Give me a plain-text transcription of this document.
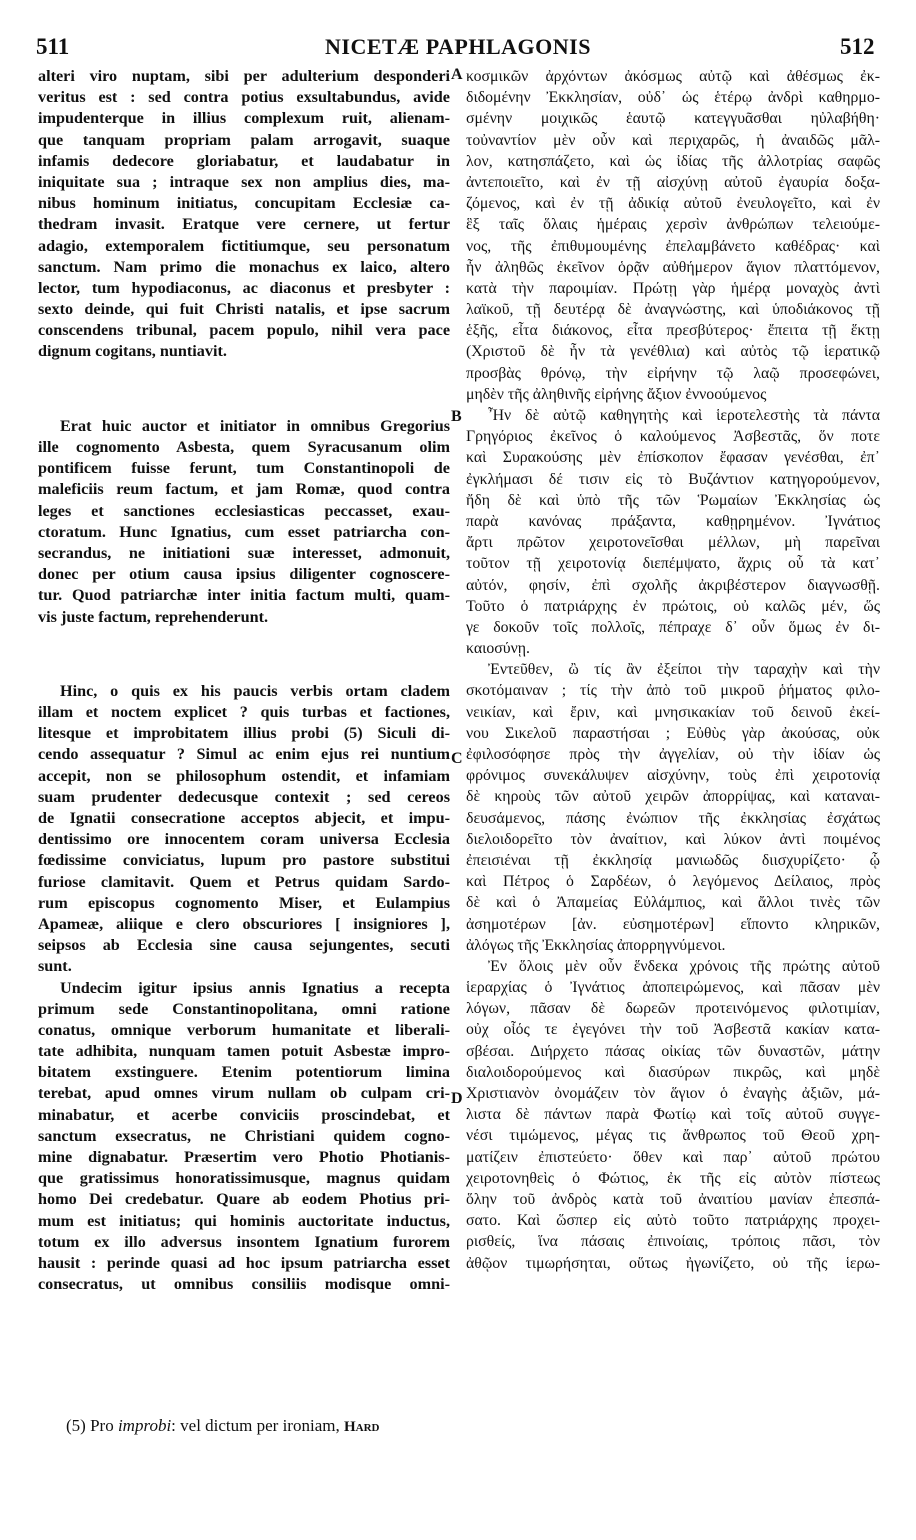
511	NICETÆ PAPHLAGONIS	512
A
B
C
D
alteri viro nuptam, sibi per adulterium desponderi
veritus est : sed contra potius exsultabundus, avide
impudenterque in illius complexum ruit, alienam-
que tanquam propriam palam arrogavit, suaque
infamis dedecore gloriabatur, et laudabatur in
iniquitate sua ; intraque sex non amplius dies, ma-
nibus hominum initiatus, concupitam Ecclesiæ ca-
thedram invasit. Eratque vere cernere, ut fertur
adagio, extemporalem fictitiumque, seu personatum
sanctum. Nam primo die monachus ex laico, altero
lector, tum hypodiaconus, ac diaconus et presbyter :
sexto deinde, qui fuit Christi natalis, et ipse sacrum
conscendens tribunal, pacem populo, nihil vera pace
dignum cogitans, nuntiavit.
Erat huic auctor et initiator in omnibus Gregorius
ille cognomento Asbesta, quem Syracusanum olim
pontificem fuisse ferunt, tum Constantinopoli de
maleficiis reum factum, et jam Romæ, quod contra
leges et sanctiones ecclesiasticas peccasset, exau-
ctoratum. Hunc Ignatius, cum esset patriarcha con-
secrandus, ne initiationi suæ interesset, admonuit,
donec per otium causa ipsius diligenter cognoscere-
tur. Quod patriarchæ inter initia factum multi, quam-
vis juste factum, reprehenderunt.
Hinc, o quis ex his paucis verbis ortam cladem
illam et noctem explicet ? quis turbas et factiones,
litesque et improbitatem illius probi (5) Siculi di-
cendo assequatur ? Simul ac enim ejus rei nuntium
accepit, non se philosophum ostendit, et infamiam
suam prudenter dedecusque contexit ; sed cereos
de Ignatii consecratione acceptos abjecit, et impu-
dentissimo ore innocentem coram universa Ecclesia
fœdissime conviciatus, lupum pro pastore substitui
furiose clamitavit. Quem et Petrus quidam Sardo-
rum episcopus cognomento Miser, et Eulampius
Apameæ, aliique e clero obscuriores [ insigniores ],
seipsos ab Ecclesia sine causa sejungentes, secuti
sunt.
Undecim igitur ipsius annis Ignatius a recepta
primum sede Constantinopolitana, omni ratione
conatus, omnique verborum humanitate et liberali-
tate adhibita, nunquam tamen potuit Asbestæ impro-
bitatem exstinguere. Etenim potentiorum limina
terebat, apud omnes virum nullam ob culpam cri-
minabatur, et acerbe conviciis proscindebat, et
sanctum exsecratus, ne Christiani quidem cogno-
mine dignabatur. Præsertim vero Photio Photianis-
que gratissimus honoratissimusque, magnus quidam
homo Dei credebatur. Quare ab eodem Photius pri-
mum est initiatus; qui hominis auctoritate inductus,
totum ex illo adversus insontem Ignatium furorem
hausit : perinde quasi ad hoc ipsum patriarcha esset
consecratus, ut omnibus consiliis modisque omni-
κοσμικῶν ἀρχόντων ἀκόσμως αὐτῷ καὶ ἀθέσμως ἐκ-
διδομένην Ἐκκλησίαν, οὐδ᾽ ὡς ἑτέρῳ ἀνδρὶ καθηρμο-
σμένην μοιχικῶς ἑαυτῷ κατεγγυᾶσθαι ηὐλαβήθη·
τοὐναντίον μὲν οὖν καὶ περιχαρῶς, ἡ ἀναιδῶς μᾶλ-
λον, κατησπάζετο, καὶ ὡς ἰδίας τῆς ἀλλοτρίας σαφῶς
ἀντεποιεῖτο, καὶ ἐν τῇ αἰσχύνῃ αὐτοῦ ἐγαυρία δοξα-
ζόμενος, καὶ ἐν τῇ ἀδικίᾳ αὐτοῦ ἐνευλογεῖτο, καὶ ἐν
ἓξ ταῖς ὅλαις ἡμέραις χερσὶν ἀνθρώπων τελειούμε-
νος, τῆς ἐπιθυμουμένης ἐπελαμβάνετο καθέδρας· καὶ
ἦν ἀληθῶς ἐκεῖνον ὁρᾷν αὐθήμερον ἅγιον πλαττόμενον,
κατὰ τὴν παροιμίαν. Πρώτῃ γὰρ ἡμέρᾳ μοναχὸς ἀντὶ
λαϊκοῦ, τῇ δευτέρᾳ δὲ ἀναγνώστης, καὶ ὑποδιάκονος τῇ
ἑξῆς, εἶτα διάκονος, εἶτα πρεσβύτερος· ἔπειτα τῇ ἕκτῃ
(Χριστοῦ δὲ ἦν τὰ γενέθλια) καὶ αὐτὸς τῷ ἱερατικῷ
προσβὰς θρόνῳ, τὴν εἰρήνην τῷ λαῷ προσεφώνει,
μηδὲν τῆς ἀληθινῆς εἰρήνης ἄξιον ἐννοούμενος
Ἦν δὲ αὐτῷ καθηγητὴς καὶ ἱεροτελεστὴς τὰ πάντα
Γρηγόριος ἐκεῖνος ὁ καλούμενος Ἀσβεστᾶς, ὅν ποτε
καὶ Συρακούσης μὲν ἐπίσκοπον ἔφασαν γενέσθαι, ἐπ᾽
ἐγκλήμασι δέ τισιν εἰς τὸ Βυζάντιον κατηγορούμενον,
ἤδη δὲ καὶ ὑπὸ τῆς τῶν Ῥωμαίων Ἐκκλησίας ὡς
παρὰ κανόνας πράξαντα, καθῃρημένον. Ἰγνάτιος
ἄρτι πρῶτον χειροτονεῖσθαι μέλλων, μὴ παρεῖναι
τοῦτον τῇ χειροτονίᾳ διεπέμψατο, ἄχρις οὗ τὰ κατ᾽
αὐτόν, φησίν, ἐπὶ σχολῆς ἀκριβέστερον διαγνωσθῇ.
Τοῦτο ὁ πατριάρχης ἐν πρώτοις, οὐ καλῶς μέν, ὥς
γε δοκοῦν τοῖς πολλοῖς, πέπραχε δ᾽ οὖν ὅμως ἐν δι-
καιοσύνῃ.
Ἐντεῦθεν, ὢ τίς ἂν ἐξείποι τὴν ταραχὴν καὶ τὴν
σκοτόμαιναν ; τίς τὴν ἀπὸ τοῦ μικροῦ ῥήματος φιλο-
νεικίαν, καὶ ἔριν, καὶ μνησικακίαν τοῦ δεινοῦ ἐκεί-
νου Σικελοῦ παραστήσαι ; Εὐθὺς γὰρ ἀκούσας, οὐκ
ἐφιλοσόφησε πρὸς τὴν ἀγγελίαν, οὐ τὴν ἰδίαν ὡς
φρόνιμος συνεκάλυψεν αἰσχύνην, τοὺς ἐπὶ χειροτονίᾳ
δὲ κηροὺς τῶν αὐτοῦ χειρῶν ἀπορρίψας, καὶ καταναι-
δευσάμενος, πάσης ἐνώπιον τῆς ἐκκλησίας ἐσχάτως
διελοιδορεῖτο τὸν ἀναίτιον, καὶ λύκον ἀντὶ ποιμένος
ἐπεισιέναι τῇ ἐκκλησίᾳ μανιωδῶς διισχυρίζετο· ᾧ
καὶ Πέτρος ὁ Σαρδέων, ὁ λεγόμενος Δείλαιος, πρὸς
δὲ καὶ ὁ Ἀπαμείας Εὐλάμπιος, καὶ ἄλλοι τινὲς τῶν
ἀσημοτέρων [ἀν. εὐσημοτέρων] εἵποντο κληρικῶν,
ἀλόγως τῆς Ἐκκλησίας ἀπορρηγνύμενοι.
Ἐν ὅλοις μὲν οὖν ἕνδεκα χρόνοις τῆς πρώτης αὐτοῦ
ἱεραρχίας ὁ Ἰγνάτιος ἀποπειρώμενος, καὶ πᾶσαν μὲν
λόγων, πᾶσαν δὲ δωρεῶν προτεινόμενος φιλοτιμίαν,
οὐχ οἷός τε ἐγεγόνει τὴν τοῦ Ἀσβεστᾶ κακίαν κατα-
σβέσαι. Διήρχετο πάσας οἰκίας τῶν δυναστῶν, μάτην
διαλοιδορούμενος καὶ διασύρων πικρῶς, καὶ μηδὲ
Χριστιανὸν ὀνομάζειν τὸν ἅγιον ὁ ἐναγὴς ἀξιῶν, μά-
λιστα δὲ πάντων παρὰ Φωτίῳ καὶ τοῖς αὐτοῦ συγγε-
νέσι τιμώμενος, μέγας τις ἄνθρωπος τοῦ Θεοῦ χρη-
ματίζειν ἐπιστεύετο· ὅθεν καὶ παρ᾽ αὐτοῦ πρώτου
χειροτονηθεὶς ὁ Φώτιος, ἐκ τῆς εἰς αὐτὸν πίστεως
ὅλην τοῦ ἀνδρὸς κατὰ τοῦ ἀναιτίου μανίαν ἐπεσπά-
σατο. Καὶ ὥσπερ εἰς αὐτὸ τοῦτο πατριάρχης προχει-
ρισθείς, ἵνα πάσαις ἐπινοίαις, τρόποις πᾶσι, τὸν
ἀθῷον τιμωρήσηται, οὕτως ἠγωνίζετο, οὐ τῆς ἱερω-
(5) Pro improbi: vel dictum per ironiam, Hard
